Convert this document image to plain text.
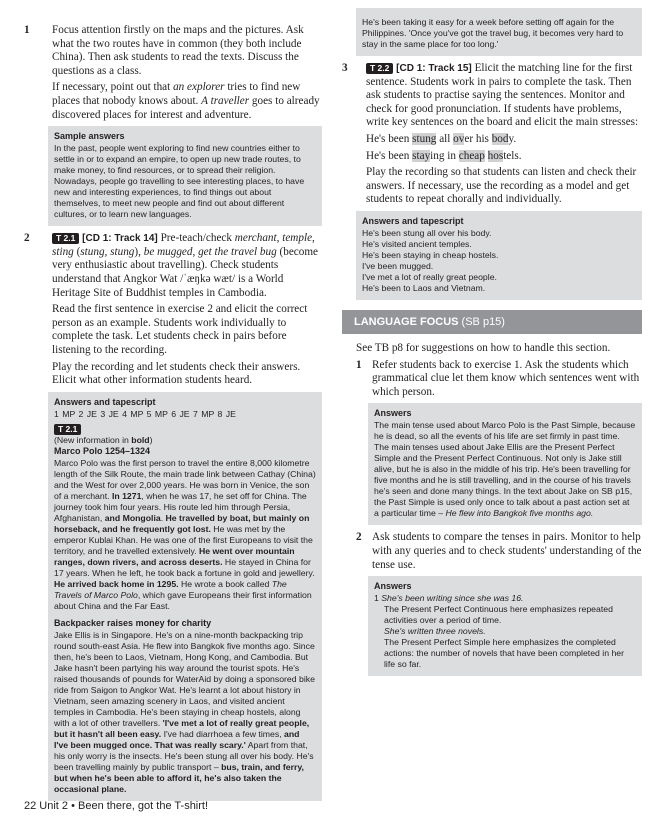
1 Focus attention firstly on the maps and the pictures. Ask what the two routes have in common (they both include China). Then ask students to read the texts. Discuss the questions as a class.

If necessary, point out that an explorer tries to find new places that nobody knows about. A traveller goes to already discovered places for interest and adventure.

Sample answers

In the past, people went exploring to find new countries either to settle in or to expand an empire, to open up new trade routes, to make money, to find resources, or to spread their religion. Nowadays, people go travelling to see interesting places, to have new and interesting experiences, to find things out about themselves, to meet new people and find out about different cultures, or to learn new languages.

2	T 2.1 [CD 1: Track 14] Pre-teach/check merchant, temple, sting (stung, stung), be mugged, get the travel bug (become very enthusiastic about travelling). Check students understand that Angkor Wat /ˈæŋkə wæt/ is a World Heritage Site of Buddhist temples in Cambodia.

Read the first sentence in exercise 2 and elicit the correct person as an example. Students work individually to complete the task. Let students check in pairs before listening to the recording.

Play the recording and let students check their answers. Elicit what other information students heard.

Answers and tapescript

1 MP 2 JE 3 JE 4 MP 5 MP 6 JE 7 MP 8 JE

T 2.1

(New information in bold)

Marco Polo 1254–1324

Marco Polo was the first person to travel the entire 8,000 kilometre length of the Silk Route, the main trade link between Cathay (China) and the West for over 2,000 years. He was born in Venice, the son of a merchant. In 1271, when he was 17, he set off for China. The journey took him four years. His route led him through Persia, Afghanistan, and Mongolia. He travelled by boat, but mainly on horseback, and he frequently got lost. He was met by the emperor Kublai Khan. He was one of the first Europeans to visit the territory, and he travelled extensively. He went over mountain ranges, down rivers, and across deserts. He stayed in China for 17 years. When he left, he took back a fortune in gold and jewellery. He arrived back home in 1295. He wrote a book called The Travels of Marco Polo, which gave Europeans their first information about China and the Far East.

Backpacker raises money for charity

Jake Ellis is in Singapore. He's on a nine-month backpacking trip round south-east Asia. He flew into Bangkok five months ago. Since then, he's been to Laos, Vietnam, Hong Kong, and Cambodia. But Jake hasn't been partying his way around the tourist spots. He's raised thousands of pounds for WaterAid by doing a sponsored bike ride from Saigon to Angkor Wat. He's learnt a lot about history in Vietnam, seen amazing scenery in Laos, and visited ancient temples in Cambodia. He's been staying in cheap hostels, along with a lot of other travellers. 'I've met a lot of really great people, but it hasn't all been easy. I've had diarrhoea a few times, and I've been mugged once. That was really scary.' Apart from that, his only worry is the insects. He's been stung all over his body. He's been travelling mainly by public transport – bus, train, and ferry, but when he's been able to afford it, he's also taken the occasional plane.

He's been taking it easy for a week before setting off again for the Philippines. 'Once you've got the travel bug, it becomes very hard to stay in the same place for too long.'

3	T 2.2 [CD 1: Track 15] Elicit the matching line for the first sentence. Students work in pairs to complete the task. Then ask students to practise saying the sentences. Monitor and check for good pronunciation. If students have problems, write key sentences on the board and elicit the main stresses:

He's been stung all over his body.

He's been staying in cheap hostels.

Play the recording so that students can listen and check their answers. If necessary, use the recording as a model and get students to repeat chorally and individually.

Answers and tapescript
He's been stung all over his body.
He's visited ancient temples.
He's been staying in cheap hostels.
I've been mugged.
I've met a lot of really great people.
He's been to Laos and Vietnam.
LANGUAGE FOCUS (SB p15)

See TB p8 for suggestions on how to handle this section.

1 Refer students back to exercise 1. Ask the students which grammatical clue let them know which sentences went with which person.

Answers

The main tense used about Marco Polo is the Past Simple, because he is dead, so all the events of his life are set firmly in past time.

The main tenses used about Jake Ellis are the Present Perfect Simple and the Present Perfect Continuous. Not only is Jake still alive, but he is also in the middle of his trip. He's been travelling for five months and he is still travelling, and in the course of his travels he's seen and done many things. In the text about Jake on SB p15, the Past Simple is used only once to talk about a past action set at a particular time – He flew into Bangkok five months ago.

2 Ask students to compare the tenses in pairs. Monitor to help with any queries and to check students' understanding of the tense use.

Answers

1 She's been writing since she was 16.

The Present Perfect Continuous here emphasizes repeated activities over a period of time.

She's written three novels.

The Present Perfect Simple here emphasizes the completed actions: the number of novels that have been completed in her life so far.

22 Unit 2 • Been there, got the T-shirt!
